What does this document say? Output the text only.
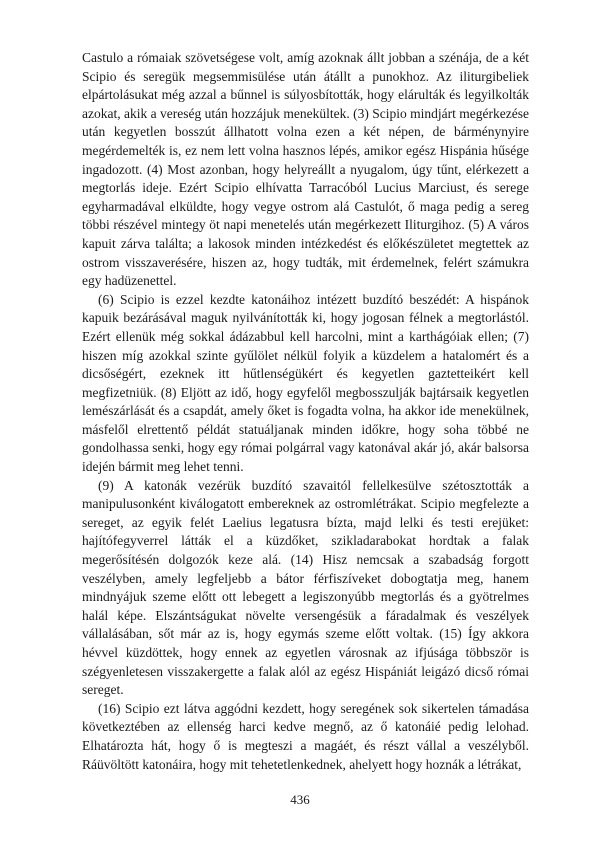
Castulo a rómaiak szövetségese volt, amíg azoknak állt jobban a szénája, de a két Scipio és seregük megsemmisülése után átállt a punokhoz. Az iliturgibeliek elpártolásukat még azzal a bűnnel is súlyosbították, hogy elárulták és legyilkolták azokat, akik a vereség után hozzájuk menekültek. (3) Scipio mindjárt megérkezése után kegyetlen bosszút állhatott volna ezen a két népen, de bárménynyire megérdemelték is, ez nem lett volna hasznos lépés, amikor egész Hispánia hűsége ingadozott. (4) Most azonban, hogy helyreállt a nyugalom, úgy tűnt, elérkezett a megtorlás ideje. Ezért Scipio elhívatta Tarracóból Lucius Marciust, és serege egyharmadával elküldte, hogy vegye ostrom alá Castulót, ő maga pedig a sereg többi részével mintegy öt napi menetelés után megérkezett Iliturgihoz. (5) A város kapuit zárva találta; a lakosok minden intézkedést és előkészületet megtettek az ostrom visszaverésére, hiszen az, hogy tudták, mit érdemelnek, felért számukra egy hadüzenettel.

(6) Scipio is ezzel kezdte katonáihoz intézett buzdító beszédét: A hispánok kapuik bezárásával maguk nyilvánították ki, hogy jogosan félnek a megtorlástól. Ezért ellenük még sokkal ádázabbul kell harcolni, mint a karthágóiak ellen; (7) hiszen míg azokkal szinte gyűlölet nélkül folyik a küzdelem a hatalomért és a dicsőségért, ezeknek itt hűtlenségükért és kegyetlen gaztetteikért kell megfizetniük. (8) Eljött az idő, hogy egyfelől megbosszulják bajtársaik kegyetlen lemészárlását és a csapdát, amely őket is fogadta volna, ha akkor ide menekülnek, másfelől elrettentő példát statuáljanak minden időkre, hogy soha többé ne gondolhassa senki, hogy egy római polgárral vagy katonával akár jó, akár balsorsa idején bármit meg lehet tenni.

(9) A katonák vezérük buzdító szavaitól fellelkesülve szétosztották a manipulusonként kiválogatott embereknek az ostromlétrákat. Scipio megfelezte a sereget, az egyik felét Laelius legatusra bízta, majd lelki és testi erejüket: hajítófegyverrel látták el a küzdőket, szikladarabokat hordtak a falak megerősítésén dolgozók keze alá. (14) Hisz nemcsak a szabadság forgott veszélyben, amely legfeljebb a bátor férfiszíveket dobogtatja meg, hanem mindnyájuk szeme előtt ott lebegett a legiszonyúbb megtorlás és a gyötrelmes halál képe. Elszántságukat növelte versengésük a fáradalmak és veszélyek vállalásában, sőt már az is, hogy egymás szeme előtt voltak. (15) Így akkora hévvel küzdöttek, hogy ennek az egyetlen városnak az ifjúsága többször is szégyenletesen visszakergette a falak alól az egész Hispániát leigázó dicső római sereget.

(16) Scipio ezt látva aggódni kezdett, hogy seregének sok sikertelen támadása következtében az ellenség harci kedve megnő, az ő katonáié pedig lelohad. Elhatározta hát, hogy ő is megteszi a magáét, és részt vállal a veszélyből. Ráüvöltött katonáira, hogy mit tehetetlenkednek, ahelyett hogy hoznák a létrákat,

436
